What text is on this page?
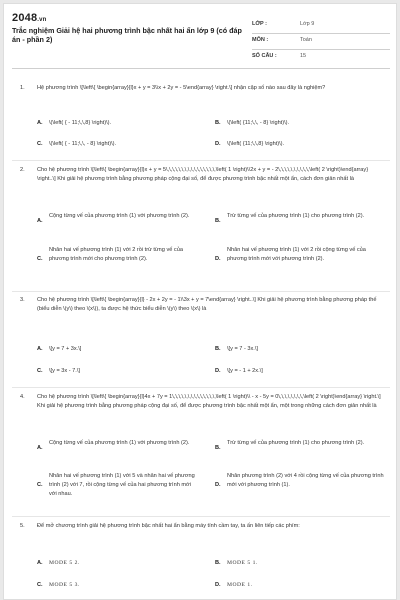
2048.vn
Trắc nghiệm Giải hệ hai phương trình bậc nhất hai ẩn lớp 9 (có đáp án - phần 2)
LỚP :	Lớp 9
MÔN :	Toán
SỐ CÂU :	15
1. Hệ phương trình \[\left\{ \begin{array}{l}x + y = 3\\x + 2y = - 5\end{array} \right.\] nhận cặp số nào sau đây là nghiệm?
A. \(\left( { - 11;\,\,8} \right)\).	B. \(\left( {11;\,\, - 8} \right)\).
C. \(\left( { - 11;\,\, - 8} \right)\).	D. \(\left( {11;\,\,8} \right)\).
2. Cho hệ phương trình \[\left\{ \begin{array}{l}x + y = 5\,\,\,\,\,\,\,\,\,\,\,\,\,\,\,\,\left( 1 \right)\\2x + y = - 2\,\,\,\,\,\,\,\,\,\,\left( 2 \right)\end{array} \right..\] Khi giải hệ phương trình bằng phương pháp cộng đại số, để được phương trình bậc nhất một ẩn, cách đơn giản nhất là
A.
Cộng từng vế của phương trình (1) với phương trình (2).
B.
Trừ từng vế của phương trình (1) cho phương trình (2).
C.
Nhân hai vế phương trình (1) với 2 rồi trừ từng vế của phương trình mới cho phương trình (2).	D.
Nhân hai vế phương trình (1) với 2 rồi cộng từng vế của phương trình mới với phương trình (2).
3. Cho hệ phương trình \[\left\{ \begin{array}{l} - 2x + 2y = - 1\\3x + y = 7\end{array} \right..\] Khi giải hệ phương trình bằng phương pháp thế (biểu diễn \(y\) theo \(x\)), ta được hệ thức biểu diễn \(y\) theo \(x\) là
A. \[y = 7 + 3x.\]	B. \[y = 7 - 3x.\]
C. \[y = 3x - 7.\]	D. \[y = - 1 + 2x.\]
4. Cho hệ phương trình \[\left\{ \begin{array}{l}4x + 7y = 1\,\,\,\,\,\,\,\,\,\,\,\,\,\,\left( 1 \right)\\ - x - 5y = 0\,\,\,\,\,\,\,\,\left( 2 \right)\end{array} \right.\] Khi giải hệ phương trình bằng phương pháp cộng đại số, để được phương trình bậc nhất một ẩn, một trong những cách đơn giản nhất là
A.
Cộng từng vế của phương trình (1) với phương trình (2).
B.
Trừ từng vế của phương trình (1) cho phương trình (2).
C.
Nhân hai vế phương trình (1) với 5 và nhân hai vế phương trình (2) với 7, rồi cộng từng vế của hai phương trình mới với nhau.
D.
Nhân phương trình (2) với 4 rồi cộng từng vế của phương trình mới với phương trình (1).
5. Để mở chương trình giải hệ phương trình bậc nhất hai ẩn bằng máy tính cầm tay, ta ấn liên tiếp các phím:
A. MODE 5 2.	B. MODE 5 1.
C. MODE 5 3.	D. MODE 1.
